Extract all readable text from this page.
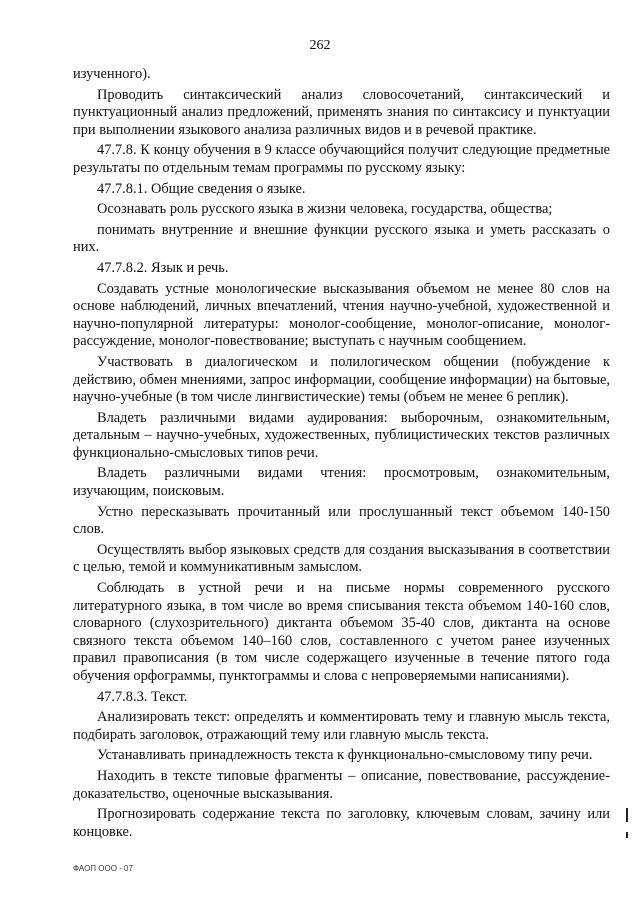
262

изученного).

Проводить синтаксический анализ словосочетаний, синтаксический и пунктуационный анализ предложений, применять знания по синтаксису и пунктуации при выполнении языкового анализа различных видов и в речевой практике.

47.7.8. К концу обучения в 9 классе обучающийся получит следующие предметные результаты по отдельным темам программы по русскому языку:

47.7.8.1. Общие сведения о языке.

Осознавать роль русского языка в жизни человека, государства, общества;

понимать внутренние и внешние функции русского языка и уметь рассказать о них.

47.7.8.2. Язык и речь.

Создавать устные монологические высказывания объемом не менее 80 слов на основе наблюдений, личных впечатлений, чтения научно-учебной, художественной и научно-популярной литературы: монолог-сообщение, монолог-описание, монолог-рассуждение, монолог-повествование; выступать с научным сообщением.

Участвовать в диалогическом и полилогическом общении (побуждение к действию, обмен мнениями, запрос информации, сообщение информации) на бытовые, научно-учебные (в том числе лингвистические) темы (объем не менее 6 реплик).

Владеть различными видами аудирования: выборочным, ознакомительным, детальным – научно-учебных, художественных, публицистических текстов различных функционально-смысловых типов речи.

Владеть различными видами чтения: просмотровым, ознакомительным, изучающим, поисковым.

Устно пересказывать прочитанный или прослушанный текст объемом 140-150 слов.

Осуществлять выбор языковых средств для создания высказывания в соответствии с целью, темой и коммуникативным замыслом.

Соблюдать в устной речи и на письме нормы современного русского литературного языка, в том числе во время списывания текста объемом 140-160 слов, словарного (слухозрительного) диктанта объемом 35-40 слов, диктанта на основе связного текста объемом 140–160 слов, составленного с учетом ранее изученных правил правописания (в том числе содержащего изученные в течение пятого года обучения орфограммы, пунктограммы и слова с непроверяемыми написаниями).

47.7.8.3. Текст.

Анализировать текст: определять и комментировать тему и главную мысль текста, подбирать заголовок, отражающий тему или главную мысль текста.

Устанавливать принадлежность текста к функционально-смысловому типу речи.

Находить в тексте типовые фрагменты – описание, повествование, рассуждение-доказательство, оценочные высказывания.

Прогнозировать содержание текста по заголовку, ключевым словам, зачину или концовке.

ФАОП ООО - 07
